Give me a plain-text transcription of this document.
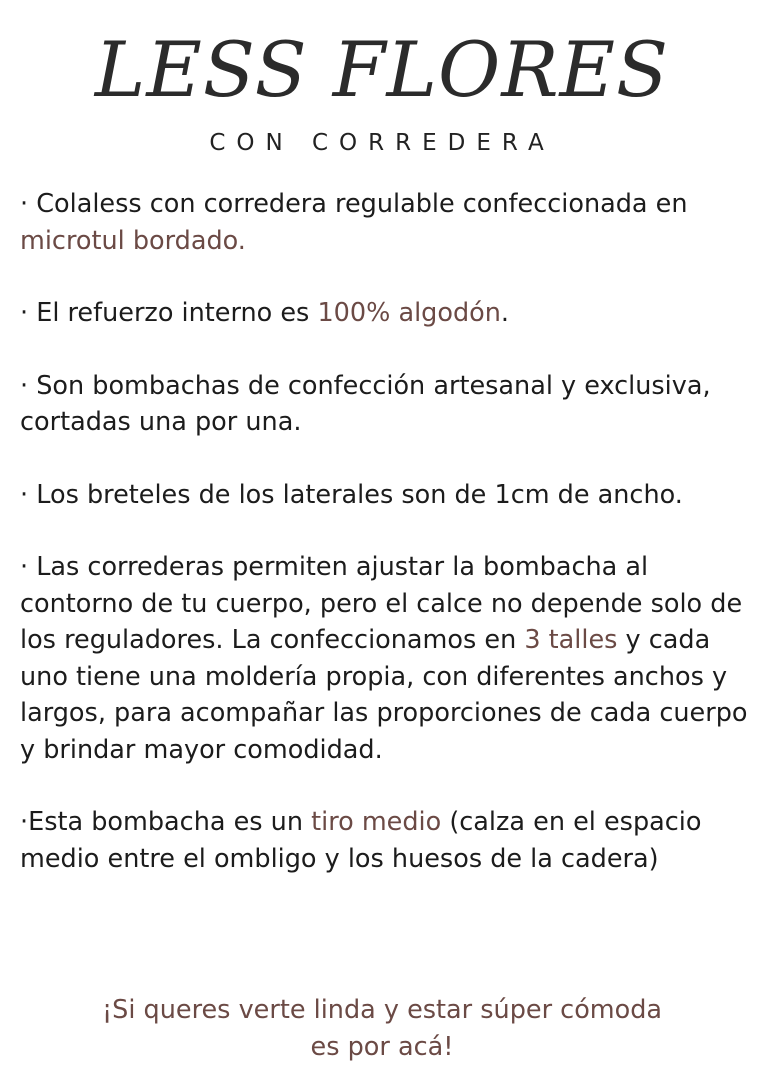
LESS FLORES
CON CORREDERA

· Colaless con corredera regulable confeccionada en microtul bordado.

· El refuerzo interno es 100% algodón.

· Son bombachas de confección artesanal y exclusiva, cortadas una por una.

· Los breteles de los laterales son de 1cm de ancho.

· Las correderas permiten ajustar la bombacha al contorno de tu cuerpo, pero el calce no depende solo de los reguladores. La confeccionamos en 3 talles y cada uno tiene una moldería propia, con diferentes anchos y largos, para acompañar las proporciones de cada cuerpo y brindar mayor comodidad.

·Esta bombacha es un tiro medio (calza en el espacio medio entre el ombligo y los huesos de la cadera)

¡Si queres verte linda y estar súper cómoda
es por acá!
